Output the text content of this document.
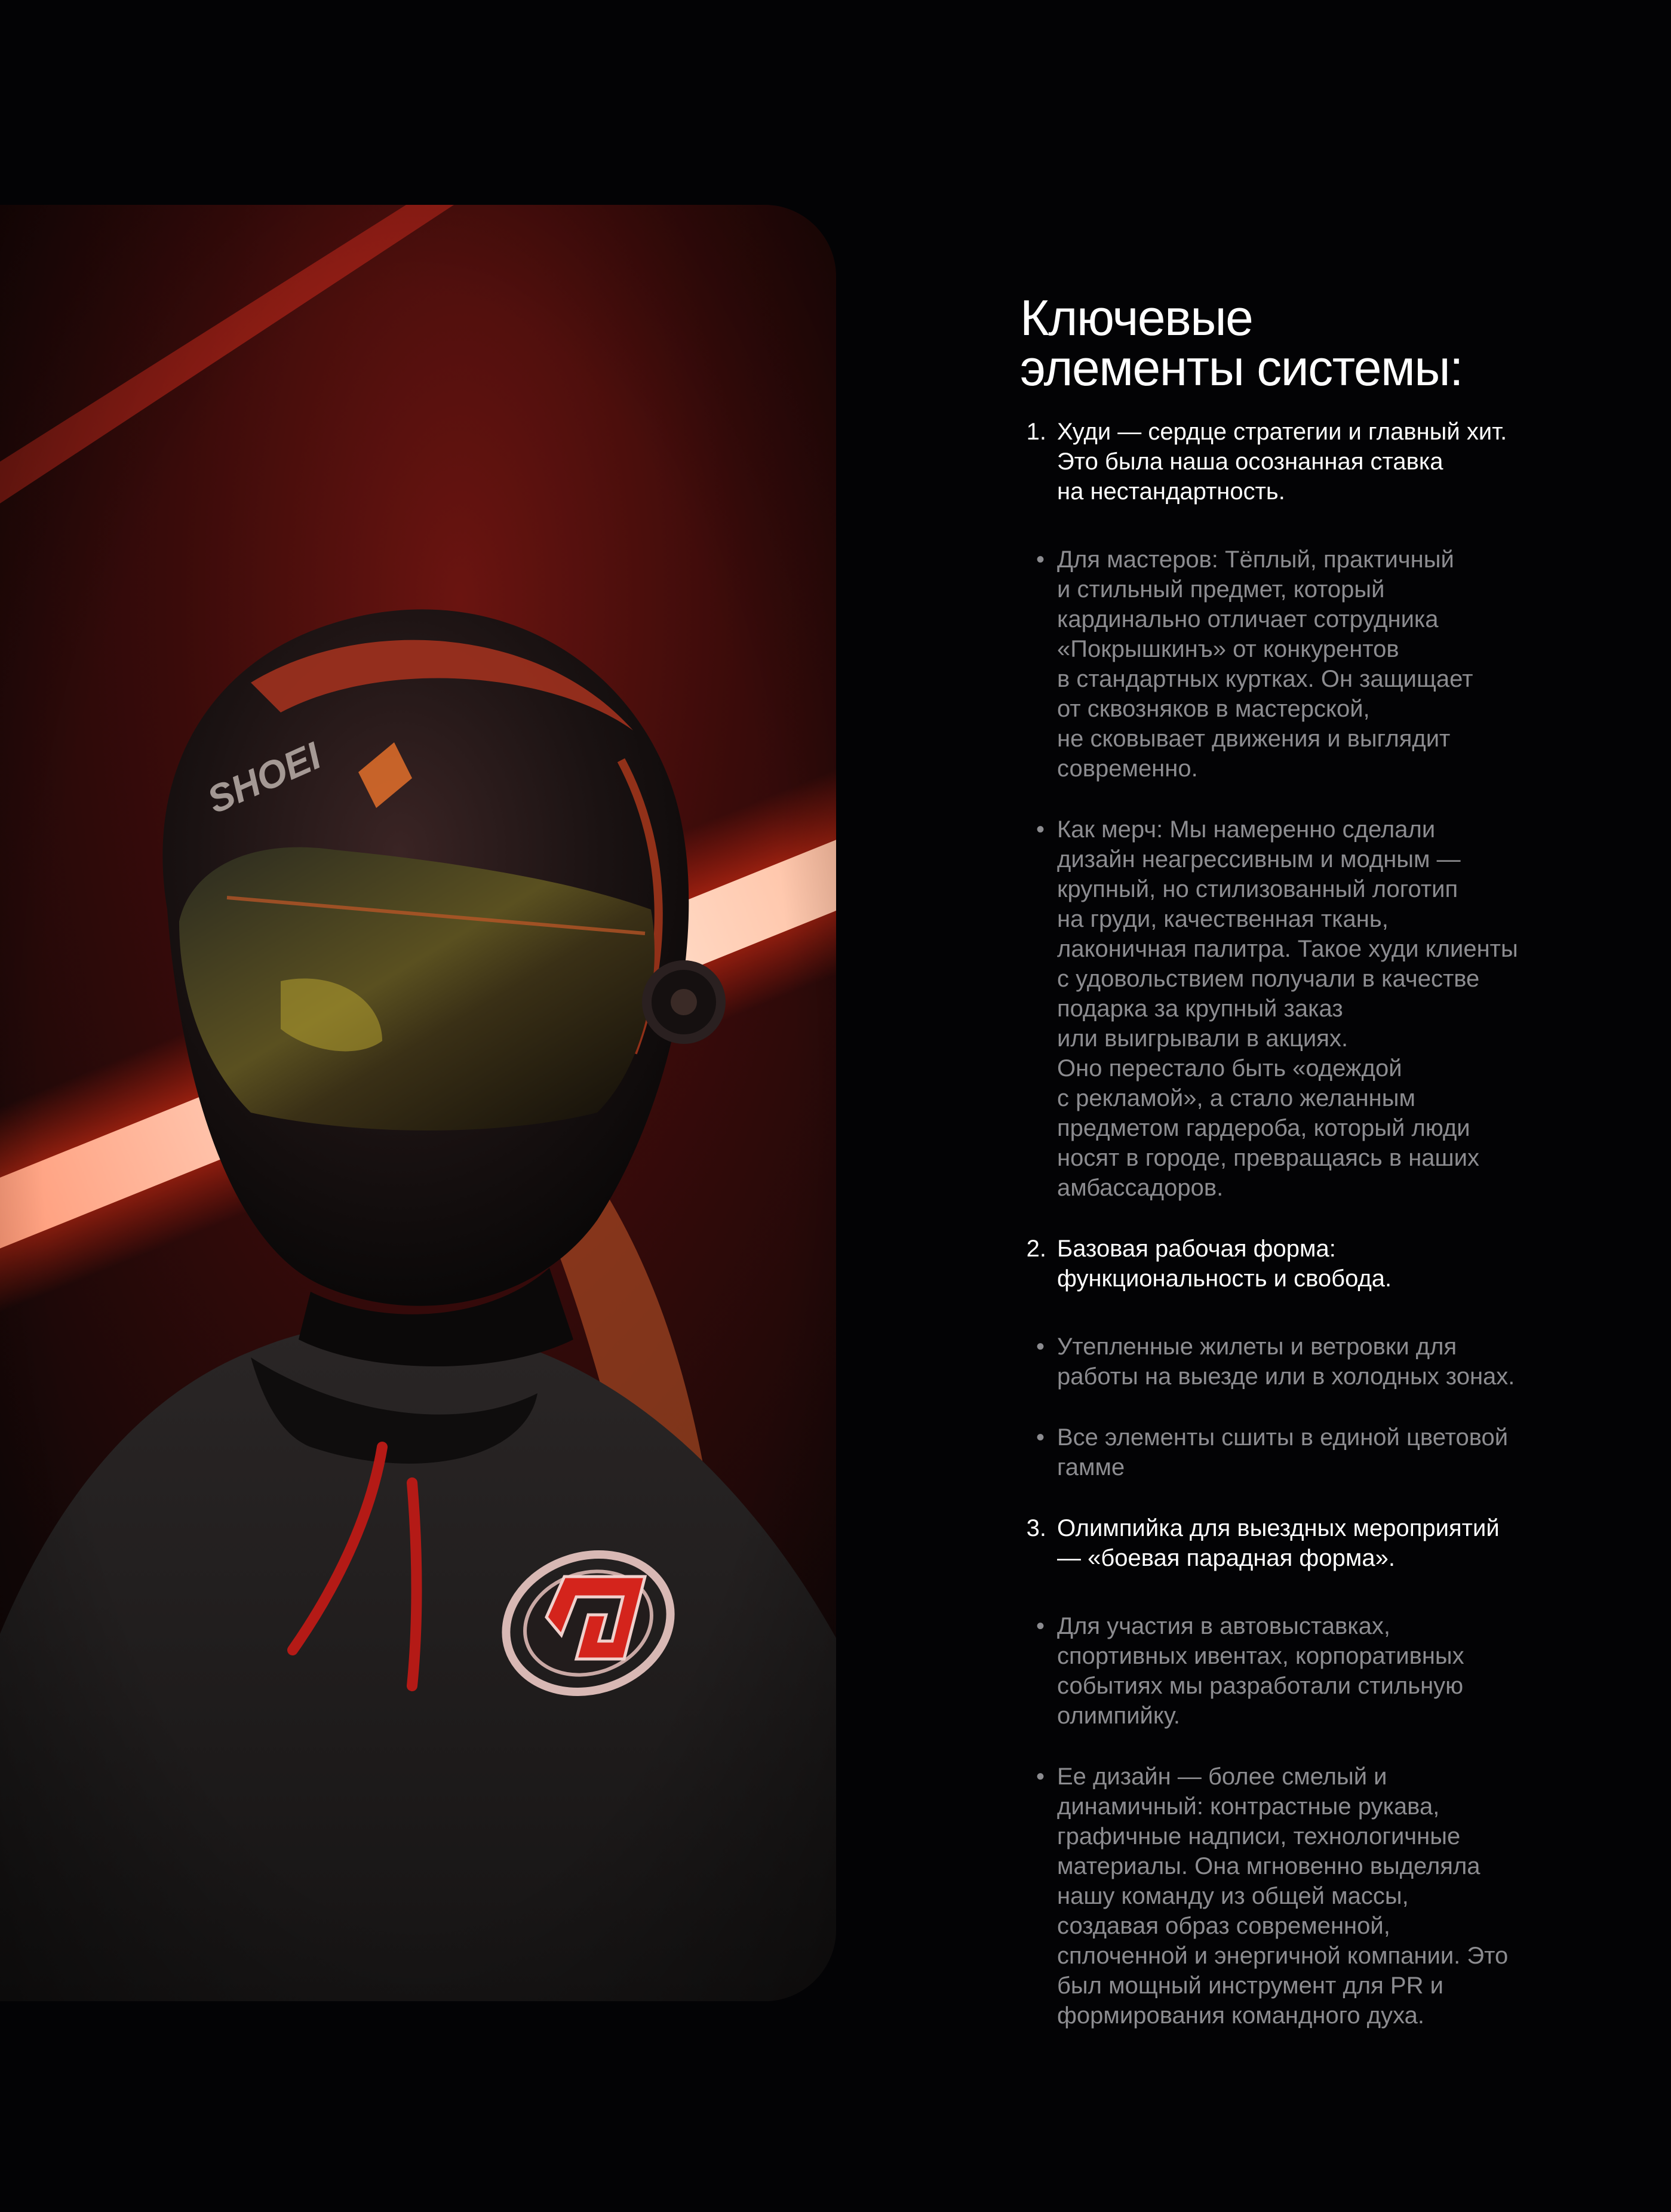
Ключевые
элементы системы:
1. Худи — сердце стратегии и главный хит.
Это была наша осознанная ставка
на нестандартность.

• Для мастеров: Тёплый, практичный
и стильный предмет, который
кардинально отличает сотрудника
«Покрышкинъ» от конкурентов
в стандартных куртках. Он защищает
от сквозняков в мастерской,
не сковывает движения и выглядит
современно.

• Как мерч: Мы намеренно сделали
дизайн неагрессивным и модным —
крупный, но стилизованный логотип
на груди, качественная ткань,
лаконичная палитра. Такое худи клиенты
с удовольствием получали в качестве
подарка за крупный заказ
или выигрывали в акциях.
Оно перестало быть «одеждой
с рекламой», а стало желанным
предметом гардероба, который люди
носят в городе, превращаясь в наших
амбассадоров.

2. Базовая рабочая форма:
функциональность и свобода.

• Утепленные жилеты и ветровки для
работы на выезде или в холодных зонах.

• Все элементы сшиты в единой цветовой
гамме

3. Олимпийка для выездных мероприятий
— «боевая парадная форма».

• Для участия в автовыставках,
спортивных ивентах, корпоративных
событиях мы разработали стильную
олимпийку.

• Ее дизайн — более смелый и
динамичный: контрастные рукава,
графичные надписи, технологичные
материалы. Она мгновенно выделяла
нашу команду из общей массы,
создавая образ современной,
сплоченной и энергичной компании. Это
был мощный инструмент для PR и
формирования командного духа.
